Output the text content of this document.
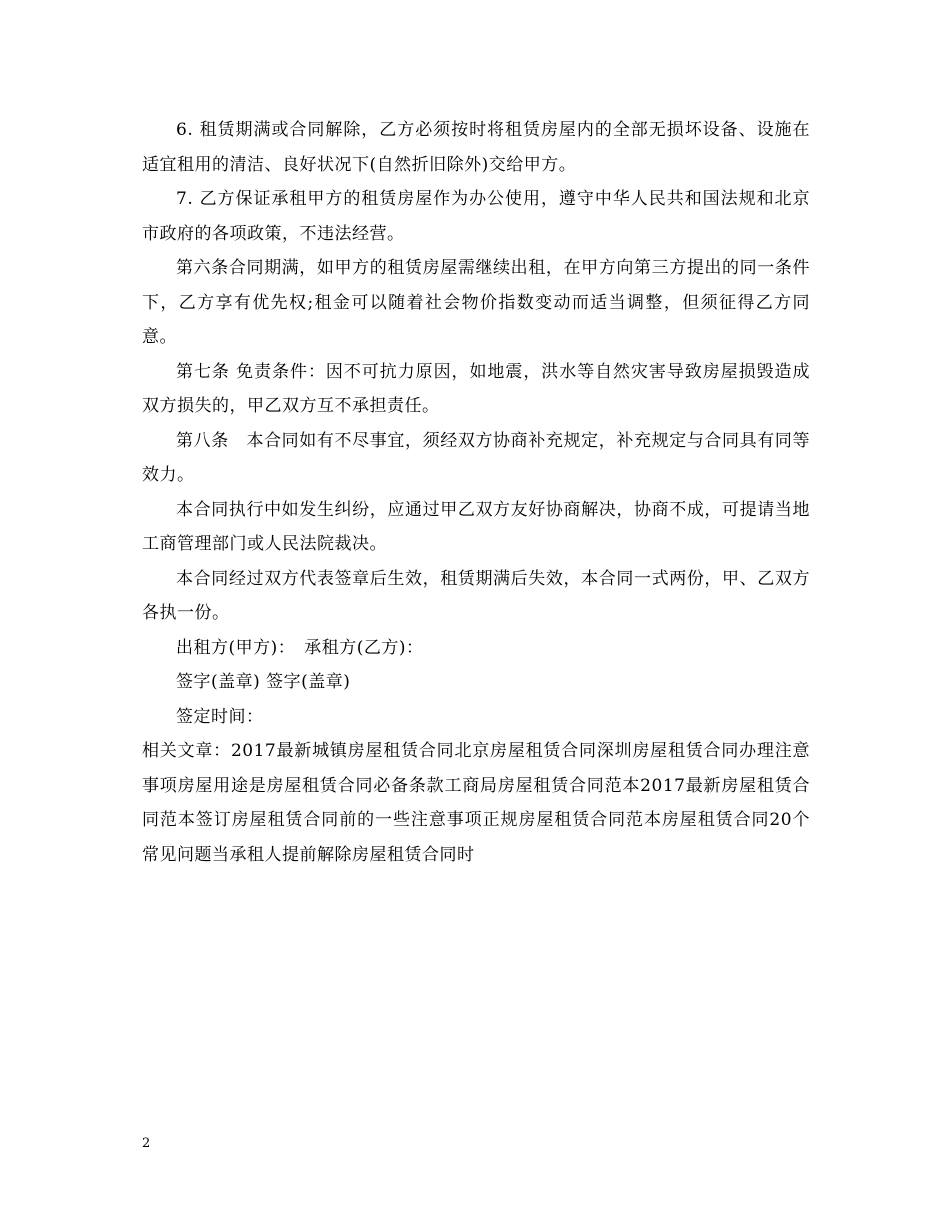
6. 租赁期满或合同解除，乙方必须按时将租赁房屋内的全部无损坏设备、设施在适宜租用的清洁、良好状况下(自然折旧除外)交给甲方。

7. 乙方保证承租甲方的租赁房屋作为办公使用，遵守中华人民共和国法规和北京市政府的各项政策，不违法经营。

第六条合同期满，如甲方的租赁房屋需继续出租，在甲方向第三方提出的同一条件下，乙方享有优先权;租金可以随着社会物价指数变动而适当调整，但须征得乙方同意。

第七条 免责条件：因不可抗力原因，如地震，洪水等自然灾害导致房屋损毁造成双方损失的，甲乙双方互不承担责任。

第八条　本合同如有不尽事宜，须经双方协商补充规定，补充规定与合同具有同等效力。

本合同执行中如发生纠纷，应通过甲乙双方友好协商解决，协商不成，可提请当地工商管理部门或人民法院裁决。

本合同经过双方代表签章后生效，租赁期满后失效，本合同一式两份，甲、乙双方各执一份。

出租方(甲方)：　承租方(乙方)：

签字(盖章) 签字(盖章)

签定时间：

相关文章：2017最新城镇房屋租赁合同北京房屋租赁合同深圳房屋租赁合同办理注意事项房屋用途是房屋租赁合同必备条款工商局房屋租赁合同范本2017最新房屋租赁合同范本签订房屋租赁合同前的一些注意事项正规房屋租赁合同范本房屋租赁合同20个常见问题当承租人提前解除房屋租赁合同时

2
